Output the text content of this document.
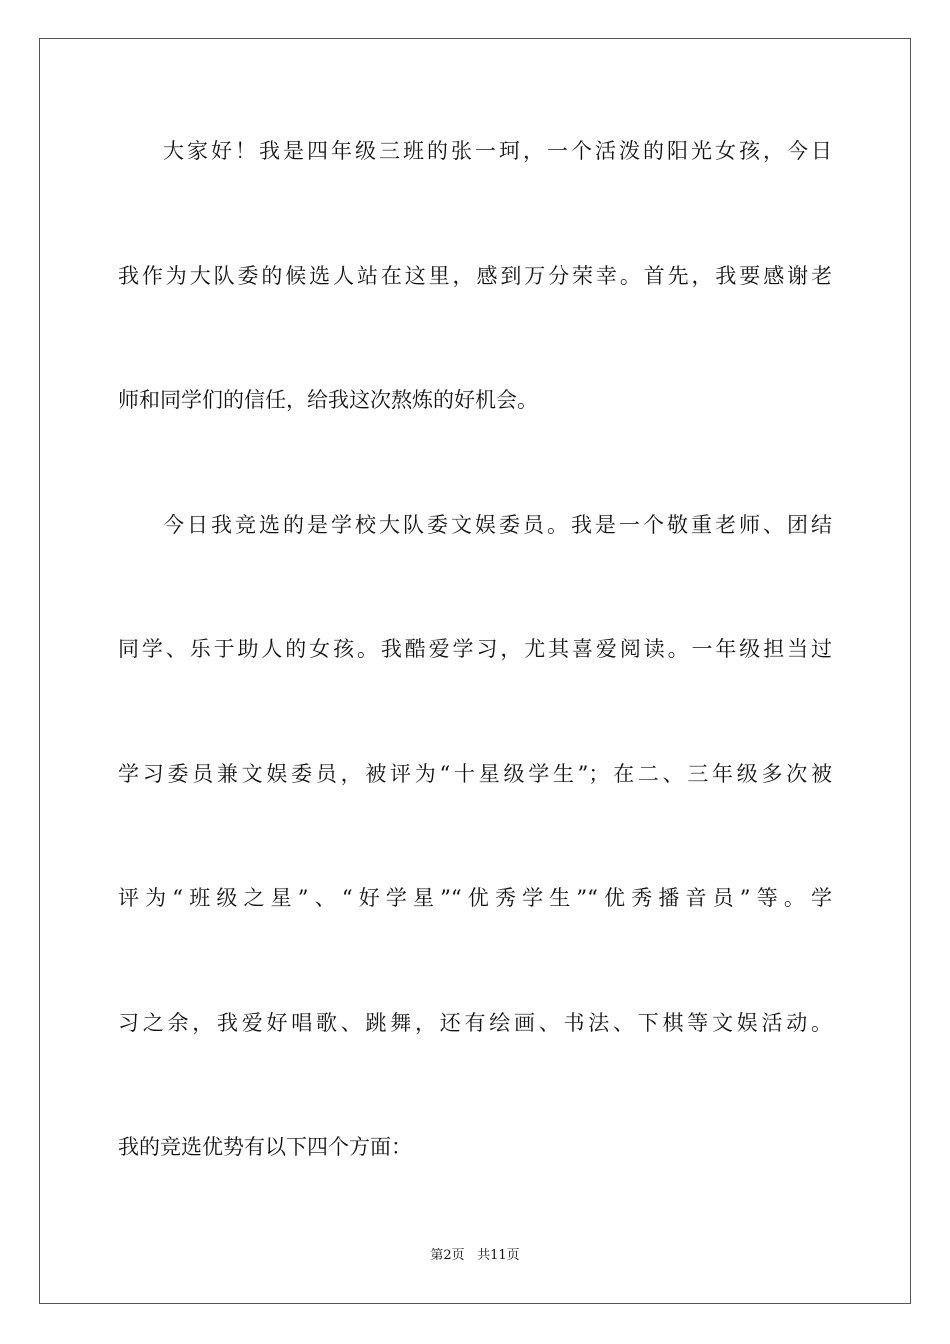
大家好！我是四年级三班的张一珂，一个活泼的阳光女孩，今日
我作为大队委的候选人站在这里，感到万分荣幸。首先，我要感谢老
师和同学们的信任，给我这次熬炼的好机会。
今日我竞选的是学校大队委文娱委员。我是一个敬重老师、团结
同学、乐于助人的女孩。我酷爱学习，尤其喜爱阅读。一年级担当过
学习委员兼文娱委员，被评为“十星级学生”；在二、三年级多次被
评为“班级之星”、“好学星”“优秀学生”“优秀播音员”等。学
习之余，我爱好唱歌、跳舞，还有绘画、书法、下棋等文娱活动。
我的竞选优势有以下四个方面：
第2页 共11页
